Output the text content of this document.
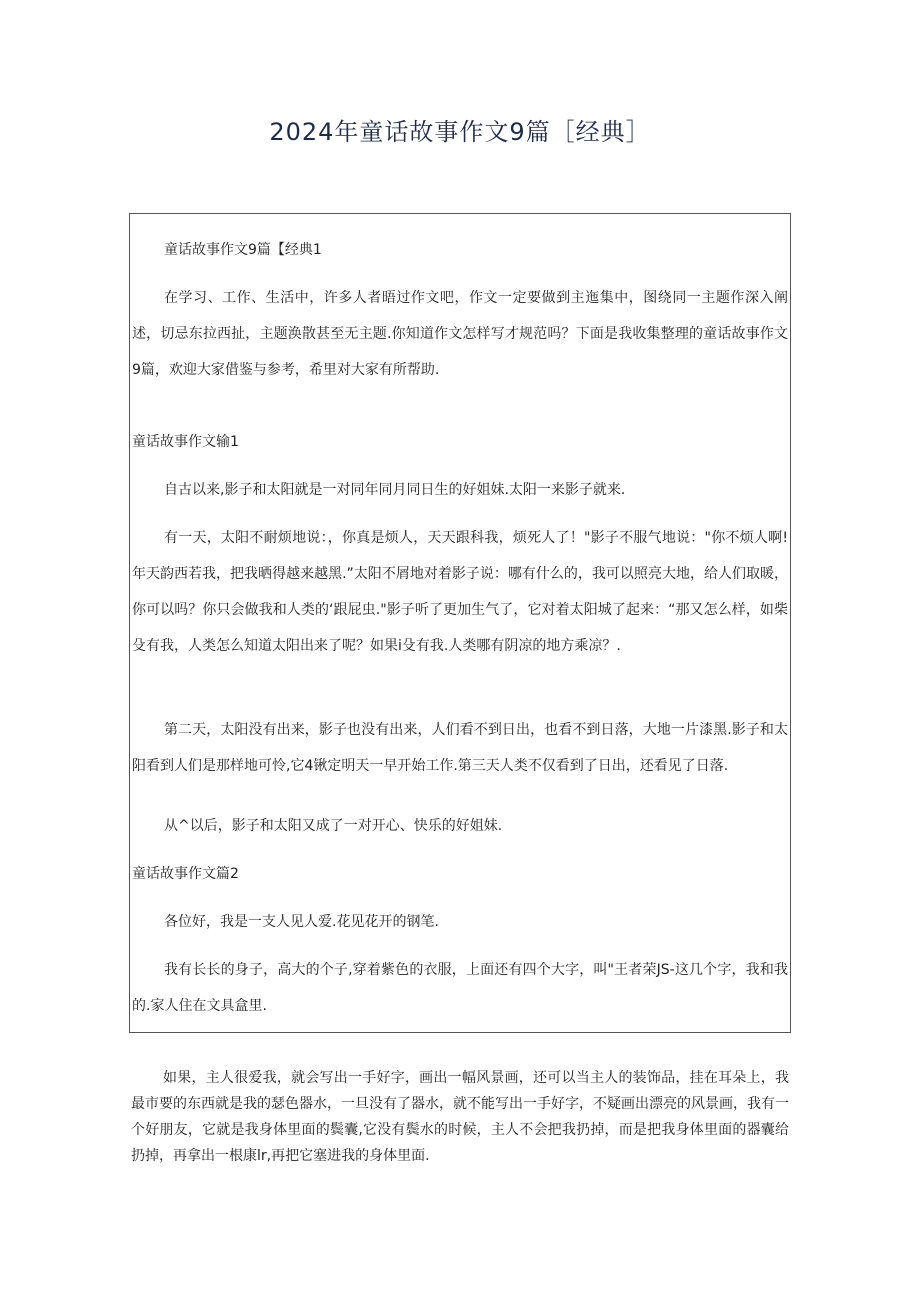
2024年童话故事作文9篇［经典］

童话故事作文9篇【经典1

在学习、工作、生活中，许多人者晤过作文吧，作文一定要做到主迤集中，图绕同一主题作深入阐述，切忌东拉西扯，主题涣散甚至无主题.你知道作文怎样写才规范吗？下面是我收集整理的童话故事作文9篇，欢迎大家借鉴与参考，希里对大家有所帮助.

童话故事作文输1

自古以来,影子和太阳就是一对同年同月同日生的好姐妹.太阳一来影子就来.

有一天，太阳不耐烦地说：，你真是烦人，天天跟科我，烦死人了！"影子不服气地说："你不烦人啊!年天韵西若我，把我晒得越来越黑.”太阳不屑地对着影子说：哪有什么的，我可以照亮大地，给人们取暖，你可以吗？你只会做我和人类的‘跟屁虫."影子听了更加生气了，它对着太阳城了起来：“那又怎么样，如柴殳有我，人类怎么知道太阳出来了呢？如果i殳有我.人类哪有阴凉的地方乘凉？.

第二天，太阳没有出来，影子也没有出来，人们看不到日出，也看不到日落，大地一片漆黑.影子和太阳看到人们是那样地可怜,它4锹定明天一早开始工作.第三天人类不仅看到了日出，还看见了日落.

从^以后，影子和太阳又成了一对开心、快乐的好姐妹.

童话故事作文篇2

各位好，我是一支人见人爱.花见花开的钢笔.

我有长长的身子，高大的个子,穿着紫色的衣服，上面还有四个大字，叫"王者荣JS-这几个字，我和我的.家人住在文具盒里.

如果，主人很爱我，就会写出一手好字，画出一幅风景画，还可以当主人的装饰品，挂在耳朵上，我最市要的东西就是我的瑟色器水，一旦没有了器水，就不能写出一手好字，不疑画出漂亮的风景画，我有一个好朋友，它就是我身体里面的鬓囊,它没有鬓水的时候，主人不会把我扔掉，而是把我身体里面的器囊给扔掉，再拿出一根康lr,再把它塞进我的身体里面.
